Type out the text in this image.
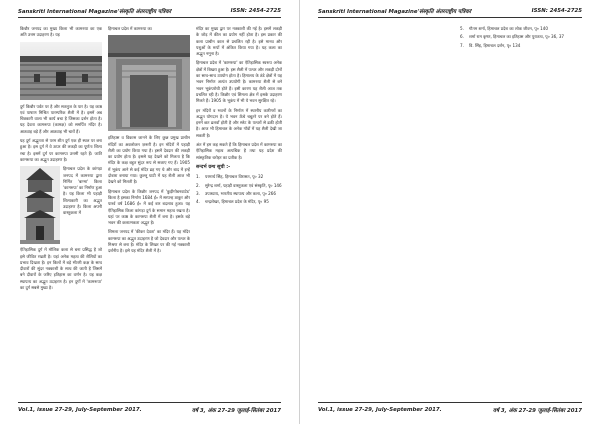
Sanskriti International Magazine'संस्कृति अंतरराष्ट्रीय पत्रिका'	ISSN: 2454-2725

किन्नौर जनपद का मुख्य किला भी कामरुपा का एक अति उत्तम उदाहरण है। यह

दुर्ग किन्नौर पर्वत पर है और सतलुज के पार है। यह काष्ठ एवं पाषाण मिश्रित पारम्परिक शैली में है। इसमें अब चित्रकारी वाला भी कार्य बचा है जिसका दर्शन होता है। यह देवता कामरूपा (कामक्ष) को समर्पित मंदिर है। आठवाह बड़े हैं और आठवाह भी चारों हैं।

यह दुर्ग अद्भुतता से परम शीत दुर्ग एक ही स्थल पर बना हुआ है। इस दुर्ग में वे ऊपर की लकड़ी का पूर्णतः शिल्प रचा है। इसमें दुर्ग पर कामरुपा उत्तमी रहते हैं। जाति कामरूपा का अद्भुत उदाहरण है।

हिमाचल प्रदेश के कांगड़ा जनपद में कामरुपा द्वारा निर्मित 'बाग्मा' किला 'कामरुपा' का निर्माण हुआ है। यह किला भी पहाड़ी शिल्पकारी का अद्भुत उदाहरण है। किला अपनी वास्तुकला में

ऐतिहासिक दुर्ग में मौलिक कला से बना प्रसिद्ध है जो इसे जीवित रखती है। यहां अनेक महत्व की शैलियों का प्रभाव दिखता है। इन किलों में बड़े भीतरी कक्ष के साथ दीवारों की सुंदर नक्काशी के साथ की जाती है जिसमें बने दीवारों के जरिए इतिहास का वर्णन है। यह कक्ष स्थापत्य का अद्भुत उदाहरण है। इन दुर्गों में 'कामरूपा' का दुर्ग सबसे मुख्य है।

हिमाचल प्रदेश में कामरुपा का

इतिहास व विकास जानने के लिए कुछ प्रमुख प्राचीन मंदिरों का अवलोकन ज़रूरी है। इन मंदिरों में पहाड़ी शैली का प्रयोग किया गया है। इसमें देवदार की लकड़ी का प्रयोग होता है। इससे यह देखने को मिलता है कि मंदिर के कक्ष बहुत सुंदर रूप से सजाए गए हैं। 1905 में भूकंप आने से कई मंदिर ढह गए थे और बाद में इन्हें दोबारा बनाया गया। कुल्लू घाटी में यह शैली आज भी देखने को मिलती है।

हिमाचल प्रदेश के किन्नौर जनपद में 'कुड़ीगोबनवाटेड' किला है इसका निर्माण 1684 ई० में सरपन्ह ठाकुर और पार्श्व वर्ष 1686 ई० में कई बार बदलाव हुआ। यह ऐतिहासिक किला कांगड़ा दुर्ग के समान महत्व रखता है। यहां पर काष्ठ के कामरुपा शैली में बना है। इसके बड़े भवन की कलात्मकता अद्भुत है।

शिमला जनपद में 'कीकर देवता' का मंदिर हैं। यह मंदिर कामरुपा का अद्भुत उदाहरण है जो देवदार और पत्थर के मिश्रण से बना है। मंदिर के शिखर पर की गई नक्काशी दर्शनीय है। इसे यह मंदिर शैली में है।

मंदिर का मुख्य द्वार पर नक्काशी की गई है। इसमें लकड़ी के जोड़ में कील का प्रयोग नहीं होता है। इस प्रकार की कला प्राचीन काल से प्रचलित रही है। इसे मानव और पशुओं के रूपों में अंकित किया गया है। यह कला का अद्भुत नमूना है।

हिमाचल प्रदेश में 'कामरुपा' का ऐतिहासिक स्वरूप अनेक क्षेत्रों में बिखरा हुआ है। इस शैली में पत्थर और लकड़ी दोनों का साथ-साथ उपयोग होता है। हिमालय के ठंडे क्षेत्रों में यह भवन निर्माण अत्यंत उपयोगी है। कामरुपा शैली से बने भवन भूकंपरोधी होते हैं। इसी कारण यह शैली आज तक प्रचलित रही है। किन्नौर एवं शिमला क्षेत्र में इसके उदाहरण मिलते हैं। 1905 के भूकंप में भी ये भवन सुरक्षित रहे।

इन मंदिरों व भवनों के निर्माण में स्थानीय कारीगरों का अद्भुत योगदान है। ये भवन ऊँचे चबूतरे पर बने होते हैं। इनमें छत ढलवाँ होती है और स्लेट के पत्थरों से ढकी होती है। आज भी हिमाचल के अनेक गाँवों में यह शैली देखी जा सकती है।

अंत में हम कह सकते हैं कि हिमाचल प्रदेश में कामरुपा का ऐतिहासिक महत्व अत्यधिक है तथा यह प्रदेश की सांस्कृतिक धरोहर का प्रतीक है।

सन्दर्भ ग्रन्थ सूची :-
1.	परमार्थ सिंह, हिमाचल विरासत, पृ० 32
2.	सुरेन्द्र शर्मा, पहाड़ी वास्तुकला एवं संस्कृति, पृ० 146
3.	उपाध्याय, भारतीय स्थापत्य और कला, पृ० 266
4.	चन्द्रशेखर, हिमाचल प्रदेश के मंदिर, पृ० 95
Vol.1, issue 27-29, July-September 2017.	वर्ष 3, अंक 27-29 जुलाई-सितंबर 2017
Sanskriti International Magazine'संस्कृति अंतरराष्ट्रीय पत्रिका'	ISSN: 2454-2725
5.	गौतम शर्मा, हिमाचल प्रदेश का लोक जीवन, पृ० 140
6.	शर्मा राम कृष्ण, हिमाचल का इतिहास और पुरातत्व, पृ० 36, 37
7.	वि. सिंह, हिमाचल दर्शन, पृ० 134
Vol.1, issue 27-29, July-September 2017.	वर्ष 3, अंक 27-29 जुलाई-सितंबर 2017
